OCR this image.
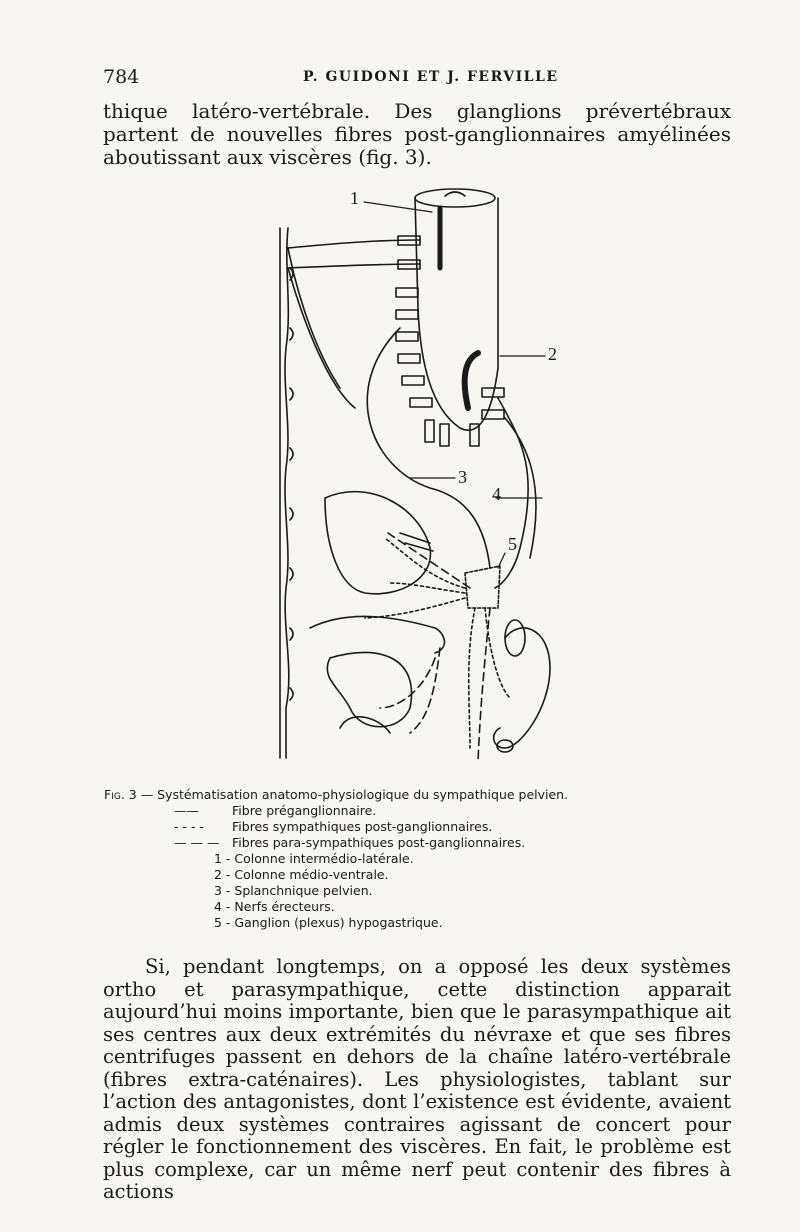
784	P. GUIDONI ET J. FERVILLE

thique latéro-vertébrale. Des glanglions prévertébraux partent de nouvelles fibres post-ganglionnaires amyélinées aboutissant aux viscères (fig. 3).

1
2
3
4
5
Fig. 3 — Systématisation anatomo-physiologique du sympathique pelvien.
——	Fibre préganglionnaire.
- - - - Fibres sympathiques post-ganglionnaires.
— — — Fibres para-sympathiques post-ganglionnaires.
1 - Colonne intermédio-latérale.
2 - Colonne médio-ventrale.
3 - Splanchnique pelvien.
4 - Nerfs érecteurs.
5 - Ganglion (plexus) hypogastrique.

Si, pendant longtemps, on a opposé les deux systèmes ortho et parasympathique, cette distinction apparait aujourd’hui moins importante, bien que le parasympathique ait ses centres aux deux extrémités du névraxe et que ses fibres centrifuges passent en dehors de la chaîne latéro-vertébrale (fibres extra-caténaires). Les physiologistes, tablant sur l’action des antagonistes, dont l’existence est évidente, avaient admis deux systèmes contraires agissant de concert pour régler le fonctionnement des viscères. En fait, le problème est plus complexe, car un même nerf peut contenir des fibres à actions
